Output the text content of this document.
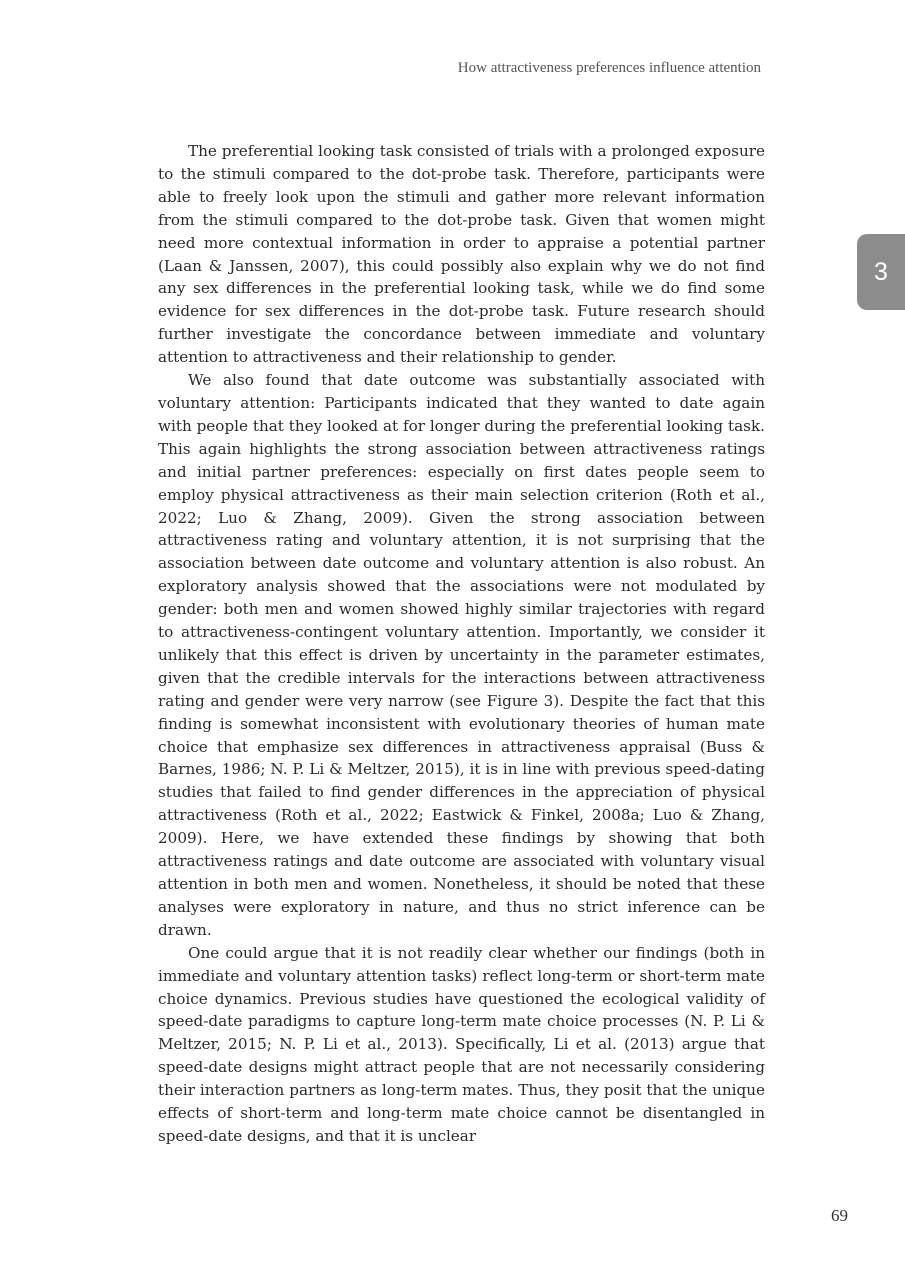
How attractiveness preferences influence attention
3

The preferential looking task consisted of trials with a prolonged exposure to the stimuli compared to the dot-probe task. Therefore, participants were able to freely look upon the stimuli and gather more relevant information from the stimuli compared to the dot-probe task. Given that women might need more contextual information in order to appraise a potential partner (Laan & Janssen, 2007), this could possibly also explain why we do not find any sex differences in the preferential looking task, while we do find some evidence for sex differences in the dot-probe task. Future research should further investigate the concordance between immediate and voluntary attention to attractiveness and their relationship to gender.

We also found that date outcome was substantially associated with voluntary attention: Participants indicated that they wanted to date again with people that they looked at for longer during the preferential looking task. This again highlights the strong association between attractiveness ratings and initial partner preferences: especially on first dates people seem to employ physical attractiveness as their main selection criterion (Roth et al., 2022; Luo & Zhang, 2009). Given the strong association between attractiveness rating and voluntary attention, it is not surprising that the association between date outcome and voluntary attention is also robust. An exploratory analysis showed that the associations were not modulated by gender: both men and women showed highly similar trajectories with regard to attractiveness-contingent voluntary attention. Importantly, we consider it unlikely that this effect is driven by uncertainty in the parameter estimates, given that the credible intervals for the interactions between attractiveness rating and gender were very narrow (see Figure 3). Despite the fact that this finding is somewhat inconsistent with evolutionary theories of human mate choice that emphasize sex differences in attractiveness appraisal (Buss & Barnes, 1986; N. P. Li & Meltzer, 2015), it is in line with previous speed-dating studies that failed to find gender differences in the appreciation of physical attractiveness (Roth et al., 2022; Eastwick & Finkel, 2008a; Luo & Zhang, 2009). Here, we have extended these findings by showing that both attractiveness ratings and date outcome are associated with voluntary visual attention in both men and women. Nonetheless, it should be noted that these analyses were exploratory in nature, and thus no strict inference can be drawn.

One could argue that it is not readily clear whether our findings (both in immediate and voluntary attention tasks) reflect long-term or short-term mate choice dynamics. Previous studies have questioned the ecological validity of speed-date paradigms to capture long-term mate choice processes (N. P. Li & Meltzer, 2015; N. P. Li et al., 2013). Specifically, Li et al. (2013) argue that speed-date designs might attract people that are not necessarily considering their interaction partners as long-term mates. Thus, they posit that the unique effects of short-term and long-term mate choice cannot be disentangled in speed-date designs, and that it is unclear

69
